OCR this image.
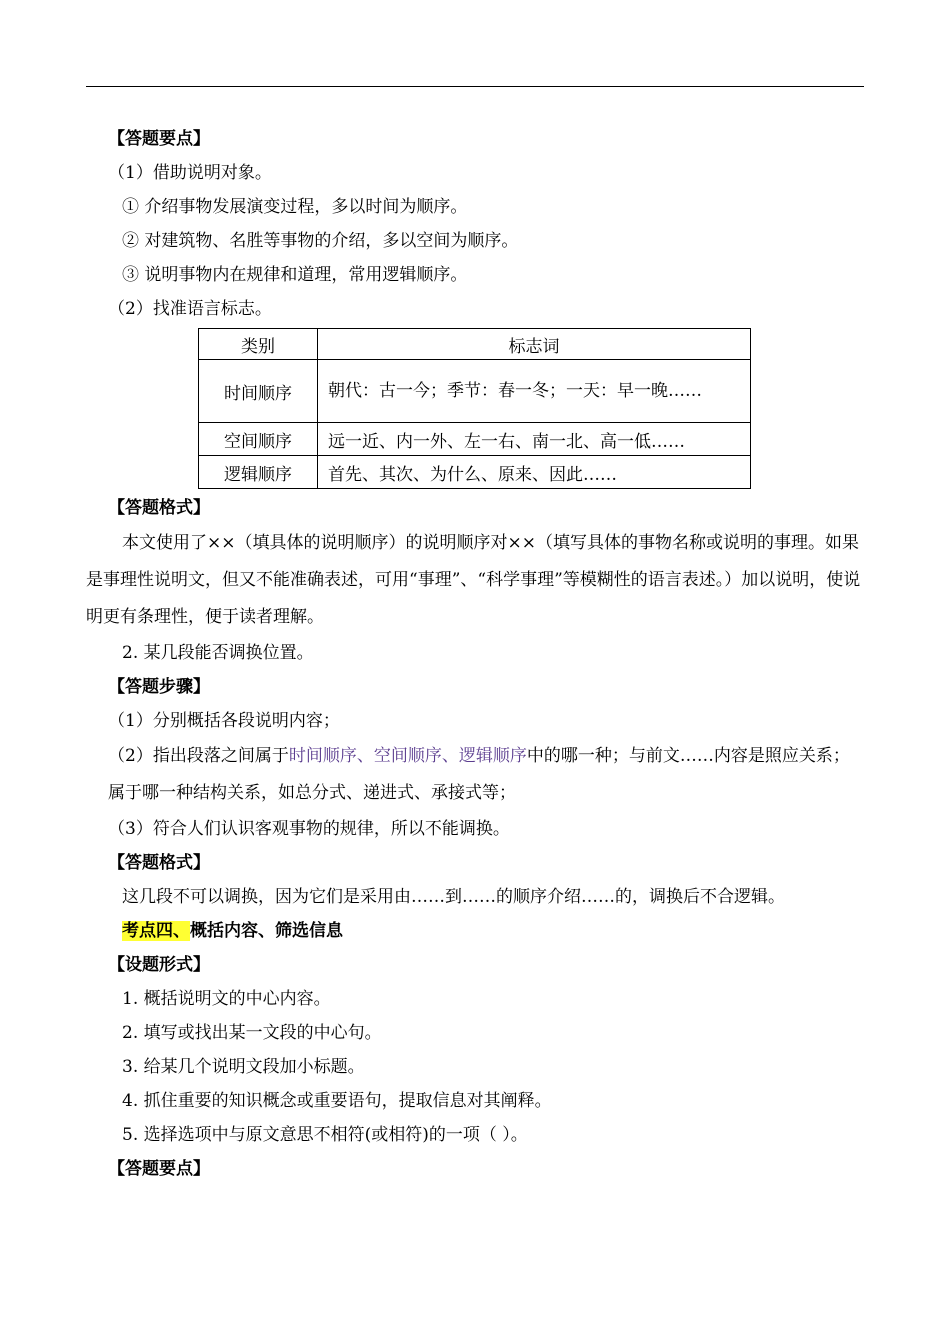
【答题要点】
（1）借助说明对象。
① 介绍事物发展演变过程，多以时间为顺序。
② 对建筑物、名胜等事物的介绍，多以空间为顺序。
③ 说明事物内在规律和道理，常用逻辑顺序。
（2）找准语言标志。
类别	标志词
时间顺序	朝代：古一今；季节：春一冬；一天：早一晚……
空间顺序	远一近、内一外、左一右、南一北、高一低……
逻辑顺序	首先、其次、为什么、原来、因此……
【答题格式】
本文使用了××（填具体的说明顺序）的说明顺序对××（填写具体的事物名称或说明的事理。如果是事理性说明文，但又不能准确表述，可用“事理”、“科学事理”等模糊性的语言表述。）加以说明，使说明更有条理性，便于读者理解。
2. 某几段能否调换位置。
【答题步骤】
（1）分别概括各段说明内容；
（2）指出段落之间属于时间顺序、空间顺序、逻辑顺序中的哪一种；与前文……内容是照应关系；属于哪一种结构关系，如总分式、递进式、承接式等；
（3）符合人们认识客观事物的规律，所以不能调换。
【答题格式】
这几段不可以调换，因为它们是采用由……到……的顺序介绍……的，调换后不合逻辑。
考点四、概括内容、筛选信息
【设题形式】
1. 概括说明文的中心内容。
2. 填写或找出某一文段的中心句。
3. 给某几个说明文段加小标题。
4. 抓住重要的知识概念或重要语句，提取信息对其阐释。
5. 选择选项中与原文意思不相符(或相符)的一项（ ）。
【答题要点】
